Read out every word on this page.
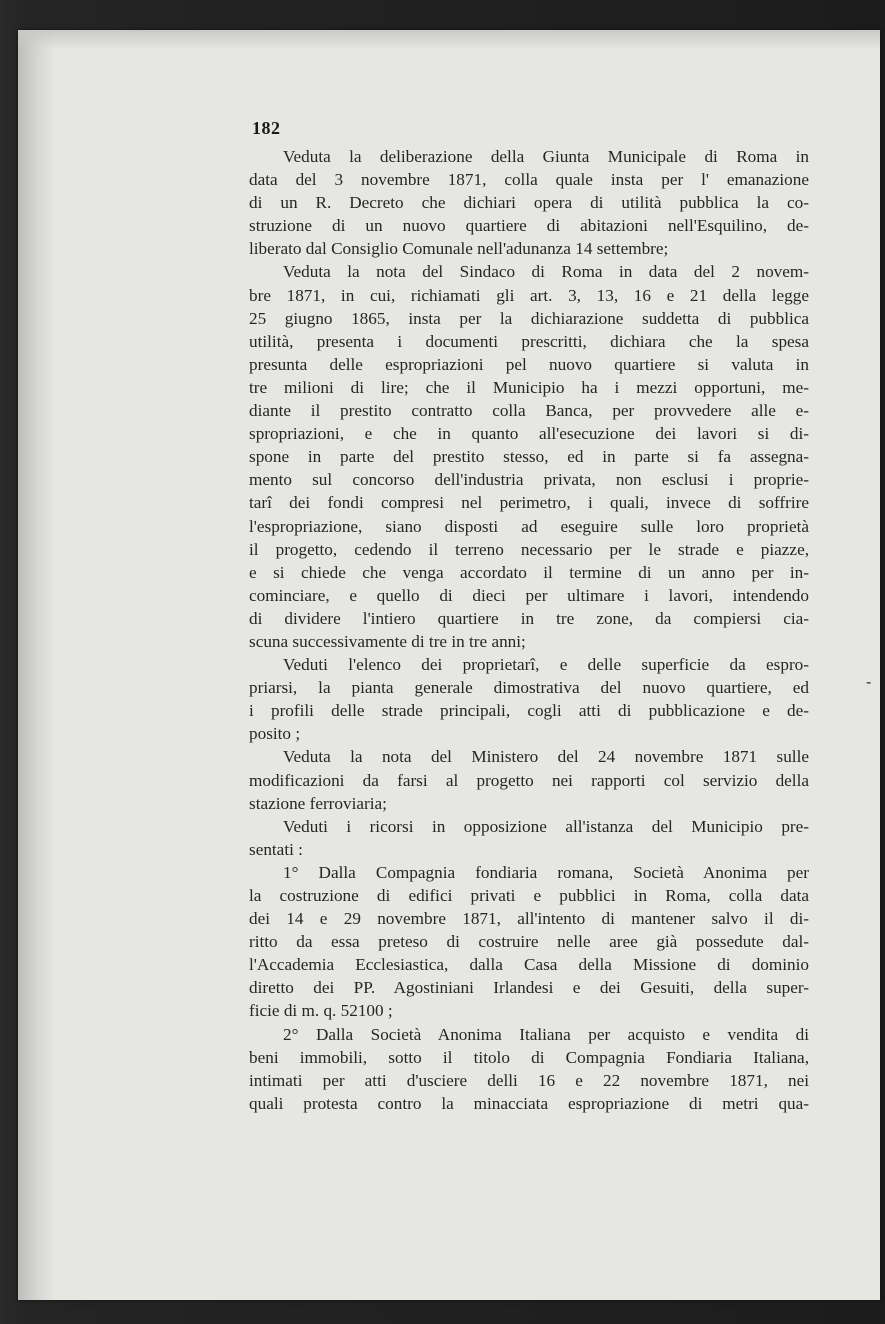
182
Veduta la deliberazione della Giunta Municipale di Roma in
data del 3 novembre 1871, colla quale insta per l' emanazione
di un R. Decreto che dichiari opera di utilità pubblica la co-
struzione di un nuovo quartiere di abitazioni nell'Esquilino, de-
liberato dal Consiglio Comunale nell'adunanza 14 settembre;
Veduta la nota del Sindaco di Roma in data del 2 novem-
bre 1871, in cui, richiamati gli art. 3, 13, 16 e 21 della legge
25 giugno 1865, insta per la dichiarazione suddetta di pubblica
utilità, presenta i documenti prescritti, dichiara che la spesa
presunta delle espropriazioni pel nuovo quartiere si valuta in
tre milioni di lire; che il Municipio ha i mezzi opportuni, me-
diante il prestito contratto colla Banca, per provvedere alle e-
spropriazioni, e che in quanto all'esecuzione dei lavori si di-
spone in parte del prestito stesso, ed in parte si fa assegna-
mento sul concorso dell'industria privata, non esclusi i proprie-
tarî dei fondi compresi nel perimetro, i quali, invece di soffrire
l'espropriazione, siano disposti ad eseguire sulle loro proprietà
il progetto, cedendo il terreno necessario per le strade e piazze,
e si chiede che venga accordato il termine di un anno per in-
cominciare, e quello di dieci per ultimare i lavori, intendendo
di dividere l'intiero quartiere in tre zone, da compiersi cia-
scuna successivamente di tre in tre anni;
Veduti l'elenco dei proprietarî, e delle superficie da espro-
priarsi, la pianta generale dimostrativa del nuovo quartiere, ed
i profili delle strade principali, cogli atti di pubblicazione e de-
posito ;
Veduta la nota del Ministero del 24 novembre 1871 sulle
modificazioni da farsi al progetto nei rapporti col servizio della
stazione ferroviaria;
Veduti i ricorsi in opposizione all'istanza del Municipio pre-
sentati :
1° Dalla Compagnia fondiaria romana, Società Anonima per
la costruzione di edifici privati e pubblici in Roma, colla data
dei 14 e 29 novembre 1871, all'intento di mantener salvo il di-
ritto da essa preteso di costruire nelle aree già possedute dal-
l'Accademia Ecclesiastica, dalla Casa della Missione di dominio
diretto dei PP. Agostiniani Irlandesi e dei Gesuiti, della super-
ficie di m. q. 52100 ;
2° Dalla Società Anonima Italiana per acquisto e vendita di
beni immobili, sotto il titolo di Compagnia Fondiaria Italiana,
intimati per atti d'usciere delli 16 e 22 novembre 1871, nei
quali protesta contro la minacciata espropriazione di metri qua-
-
